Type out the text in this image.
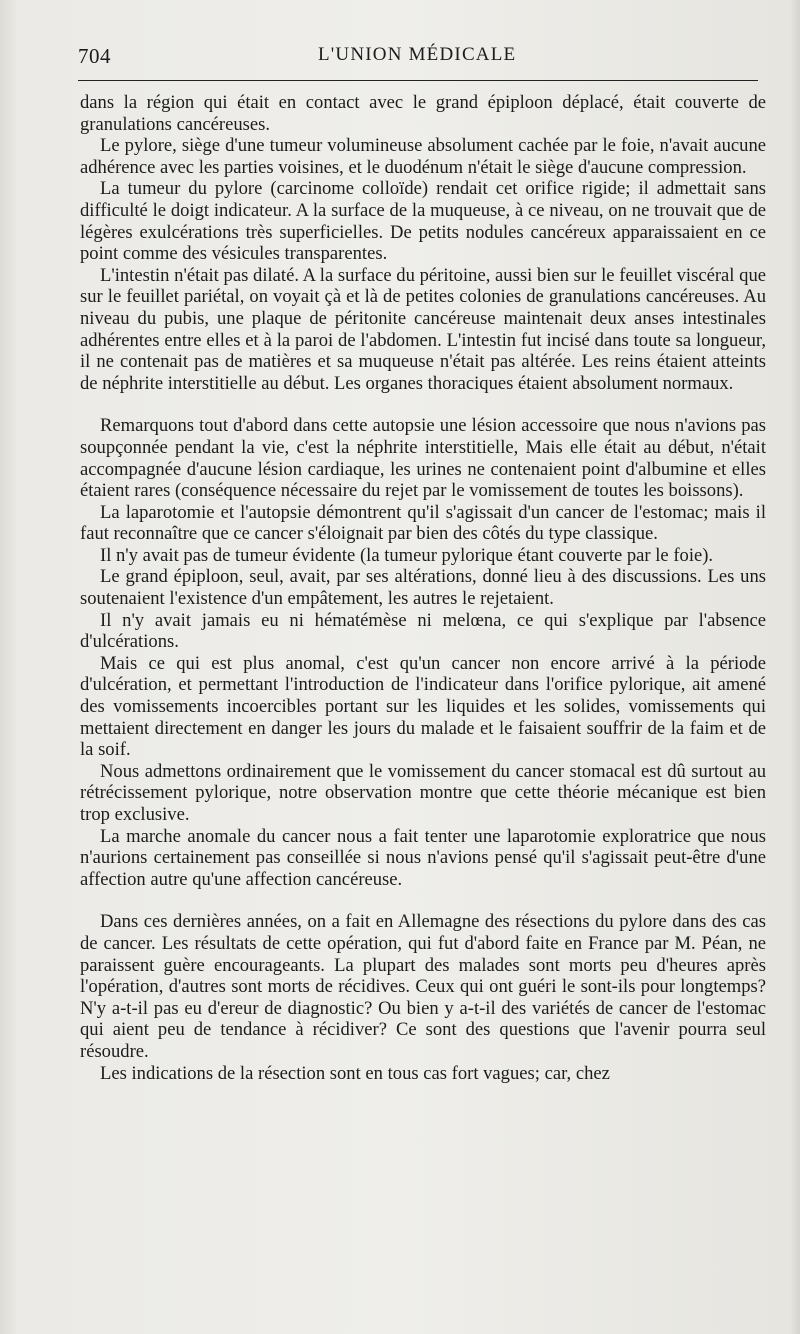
704	L'UNION MÉDICALE

dans la région qui était en contact avec le grand épiploon déplacé, était couverte de granulations cancéreuses.

Le pylore, siège d'une tumeur volumineuse absolument cachée par le foie, n'avait aucune adhérence avec les parties voisines, et le duodénum n'était le siège d'aucune compression.

La tumeur du pylore (carcinome colloïde) rendait cet orifice rigide; il admettait sans difficulté le doigt indicateur. A la surface de la muqueuse, à ce niveau, on ne trouvait que de légères exulcérations très superficielles. De petits nodules cancéreux apparaissaient en ce point comme des vésicules transparentes.

L'intestin n'était pas dilaté. A la surface du péritoine, aussi bien sur le feuillet viscéral que sur le feuillet pariétal, on voyait çà et là de petites colonies de granulations cancéreuses. Au niveau du pubis, une plaque de péritonite cancéreuse maintenait deux anses intestinales adhérentes entre elles et à la paroi de l'abdomen. L'intestin fut incisé dans toute sa longueur, il ne contenait pas de matières et sa muqueuse n'était pas altérée. Les reins étaient atteints de néphrite interstitielle au début. Les organes thoraciques étaient absolument normaux.

Remarquons tout d'abord dans cette autopsie une lésion accessoire que nous n'avions pas soupçonnée pendant la vie, c'est la néphrite interstitielle, Mais elle était au début, n'était accompagnée d'aucune lésion cardiaque, les urines ne contenaient point d'albumine et elles étaient rares (conséquence nécessaire du rejet par le vomissement de toutes les boissons).

La laparotomie et l'autopsie démontrent qu'il s'agissait d'un cancer de l'estomac; mais il faut reconnaître que ce cancer s'éloignait par bien des côtés du type classique.

Il n'y avait pas de tumeur évidente (la tumeur pylorique étant couverte par le foie).

Le grand épiploon, seul, avait, par ses altérations, donné lieu à des discussions. Les uns soutenaient l'existence d'un empâtement, les autres le rejetaient.

Il n'y avait jamais eu ni hématémèse ni melœna, ce qui s'explique par l'absence d'ulcérations.

Mais ce qui est plus anomal, c'est qu'un cancer non encore arrivé à la période d'ulcération, et permettant l'introduction de l'indicateur dans l'orifice pylorique, ait amené des vomissements incoercibles portant sur les liquides et les solides, vomissements qui mettaient directement en danger les jours du malade et le faisaient souffrir de la faim et de la soif.

Nous admettons ordinairement que le vomissement du cancer stomacal est dû surtout au rétrécissement pylorique, notre observation montre que cette théorie mécanique est bien trop exclusive.

La marche anomale du cancer nous a fait tenter une laparotomie exploratrice que nous n'aurions certainement pas conseillée si nous n'avions pensé qu'il s'agissait peut-être d'une affection autre qu'une affection cancéreuse.

Dans ces dernières années, on a fait en Allemagne des résections du pylore dans des cas de cancer. Les résultats de cette opération, qui fut d'abord faite en France par M. Péan, ne paraissent guère encourageants. La plupart des malades sont morts peu d'heures après l'opération, d'autres sont morts de récidives. Ceux qui ont guéri le sont-ils pour longtemps? N'y a-t-il pas eu d'ereur de diagnostic? Ou bien y a-t-il des variétés de cancer de l'estomac qui aient peu de tendance à récidiver? Ce sont des questions que l'avenir pourra seul résoudre.

Les indications de la résection sont en tous cas fort vagues; car, chez
